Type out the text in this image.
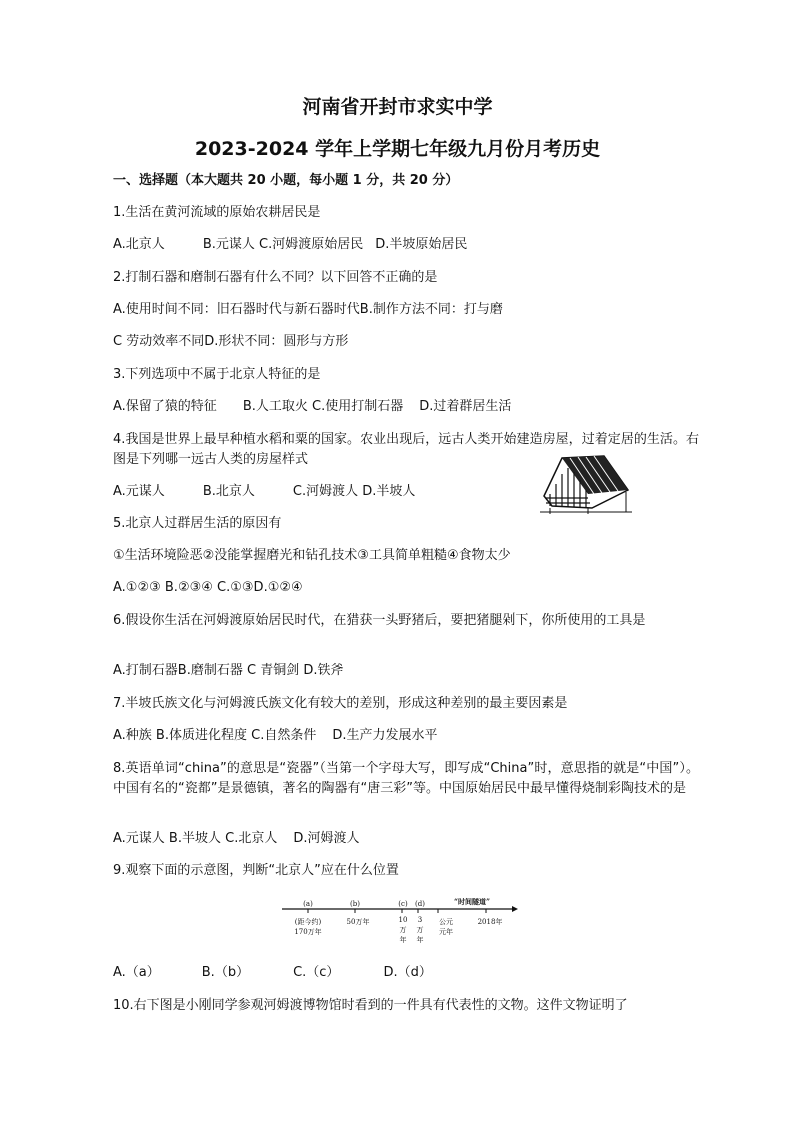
河南省开封市求实中学
2023-2024 学年上学期七年级九月份月考历史
一、选择题（本大题共 20 小题，每小题 1 分，共 20 分）
1.生活在黄河流域的原始农耕居民是
A.北京人	B.元谋人 C.河姆渡原始居民 D.半坡原始居民
2.打制石器和磨制石器有什么不同？以下回答不正确的是
A.使用时间不同：旧石器时代与新石器时代B.制作方法不同：打与磨
C 劳动效率不同D.形状不同：圆形与方形
3.下列选项中不属于北京人特征的是
A.保留了猿的特征 B.人工取火 C.使用打制石器 D.过着群居生活
4.我国是世界上最早种植水稻和粟的国家。农业出现后，远古人类开始建造房屋，过着定居的生活。右图是下列哪一远古人类的房屋样式
A.元谋人	B.北京人	C.河姆渡人 D.半坡人
5.北京人过群居生活的原因有
①生活环境险恶②没能掌握磨光和钻孔技术③工具简单粗糙④食物太少
A.①②③ B.②③④ C.①③D.①②④
6.假设你生活在河姆渡原始居民时代，在猎获一头野猪后，要把猪腿剁下，你所使用的工具是
A.打制石器B.磨制石器 C 青铜剑 D.铁斧
7.半坡氏族文化与河姆渡氏族文化有较大的差别，形成这种差别的最主要因素是
A.种族 B.体质进化程度 C.自然条件 D.生产力发展水平
8.英语单词“china”的意思是“瓷器”（当第一个字母大写，即写成“China”时，意思指的就是“中国”）。中国有名的“瓷都”是景德镇，著名的陶器有“唐三彩”等。中国原始居民中最早懂得烧制彩陶技术的是
A.元谋人 B.半坡人 C.北京人 D.河姆渡人
9.观察下面的示意图，判断“北京人”应在什么位置
(a)	(b)	(c) (d)	“时间隧道”
(距今约)
170万年
50万年	10
万
年
3
万
年
公元
元年
2018年
A.（a）	B.（b）	C.（c）	D.（d）
10.右下图是小刚同学参观河姆渡博物馆时看到的一件具有代表性的文物。这件文物证明了
